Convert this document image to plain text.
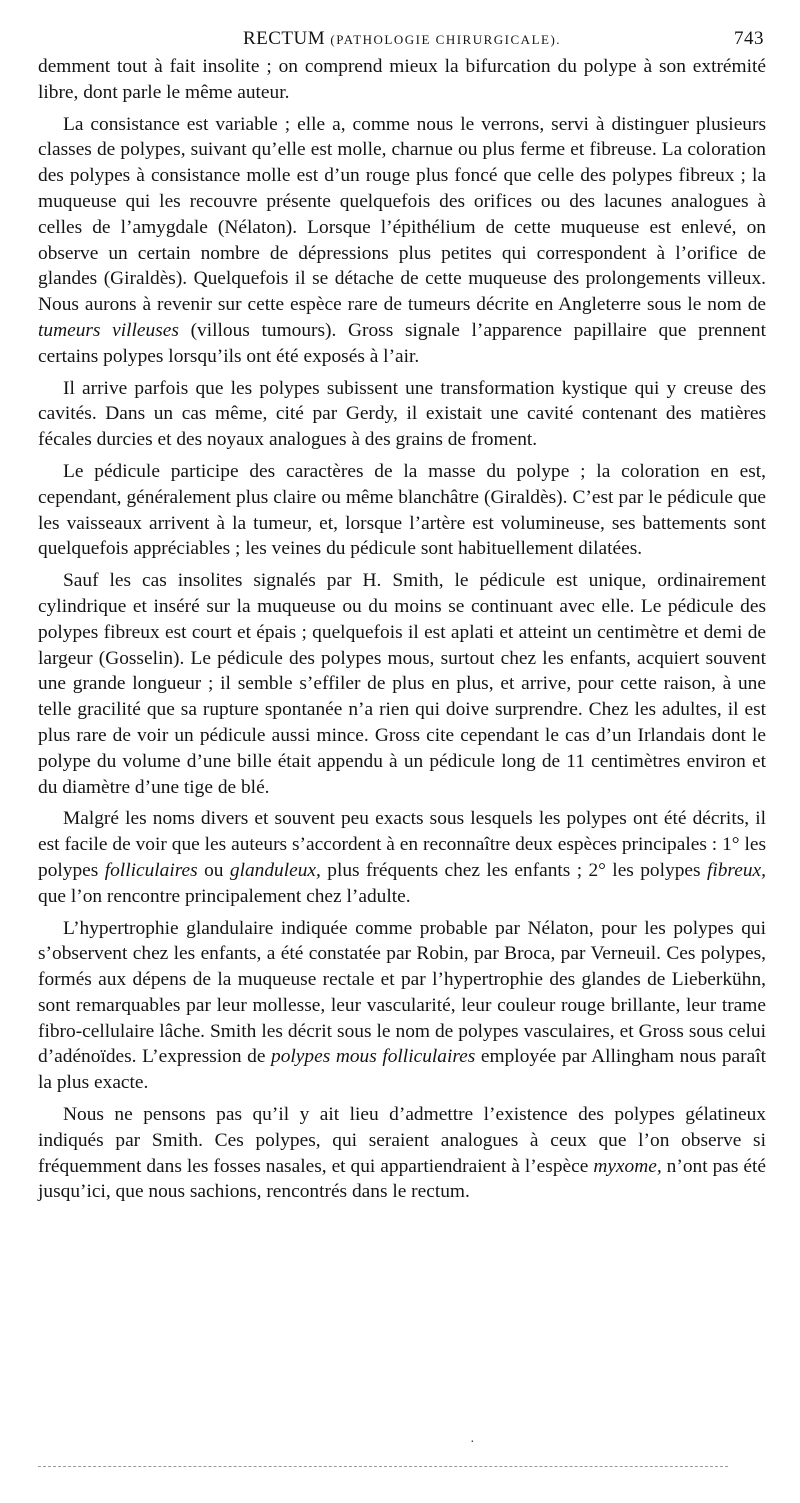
RECTUM (PATHOLOGIE CHIRURGICALE).	743

demment tout à fait insolite ; on comprend mieux la bifurcation du polype à son extrémité libre, dont parle le même auteur.

La consistance est variable ; elle a, comme nous le verrons, servi à distinguer plusieurs classes de polypes, suivant qu’elle est molle, charnue ou plus ferme et fibreuse. La coloration des polypes à consistance molle est d’un rouge plus foncé que celle des polypes fibreux ; la muqueuse qui les recouvre présente quelquefois des orifices ou des lacunes analogues à celles de l’amygdale (Nélaton). Lorsque l’épithélium de cette muqueuse est enlevé, on observe un certain nombre de dépressions plus petites qui correspondent à l’orifice de glandes (Giraldès). Quelquefois il se détache de cette muqueuse des prolongements villeux. Nous aurons à revenir sur cette espèce rare de tumeurs décrite en Angleterre sous le nom de tumeurs villeuses (villous tumours). Gross signale l’apparence papillaire que prennent certains polypes lorsqu’ils ont été exposés à l’air.

Il arrive parfois que les polypes subissent une transformation kystique qui y creuse des cavités. Dans un cas même, cité par Gerdy, il existait une cavité contenant des matières fécales durcies et des noyaux analogues à des grains de froment.

Le pédicule participe des caractères de la masse du polype ; la coloration en est, cependant, généralement plus claire ou même blanchâtre (Giraldès). C’est par le pédicule que les vaisseaux arrivent à la tumeur, et, lorsque l’artère est volumineuse, ses battements sont quelquefois appréciables ; les veines du pédicule sont habituellement dilatées.

Sauf les cas insolites signalés par H. Smith, le pédicule est unique, ordinairement cylindrique et inséré sur la muqueuse ou du moins se continuant avec elle. Le pédicule des polypes fibreux est court et épais ; quelquefois il est aplati et atteint un centimètre et demi de largeur (Gosselin). Le pédicule des polypes mous, surtout chez les enfants, acquiert souvent une grande longueur ; il semble s’effiler de plus en plus, et arrive, pour cette raison, à une telle gracilité que sa rupture spontanée n’a rien qui doive surprendre. Chez les adultes, il est plus rare de voir un pédicule aussi mince. Gross cite cependant le cas d’un Irlandais dont le polype du volume d’une bille était appendu à un pédicule long de 11 centimètres environ et du diamètre d’une tige de blé.

Malgré les noms divers et souvent peu exacts sous lesquels les polypes ont été décrits, il est facile de voir que les auteurs s’accordent à en reconnaître deux espèces principales : 1° les polypes folliculaires ou glanduleux, plus fréquents chez les enfants ; 2° les polypes fibreux, que l’on rencontre principalement chez l’adulte.

L’hypertrophie glandulaire indiquée comme probable par Nélaton, pour les polypes qui s’observent chez les enfants, a été constatée par Robin, par Broca, par Verneuil. Ces polypes, formés aux dépens de la muqueuse rectale et par l’hypertrophie des glandes de Lieberkühn, sont remarquables par leur mollesse, leur vascularité, leur couleur rouge brillante, leur trame fibro-cellulaire lâche. Smith les décrit sous le nom de polypes vasculaires, et Gross sous celui d’adénoïdes. L’expression de polypes mous folliculaires employée par Allingham nous paraît la plus exacte.

Nous ne pensons pas qu’il y ait lieu d’admettre l’existence des polypes gélatineux indiqués par Smith. Ces polypes, qui seraient analogues à ceux que l’on observe si fréquemment dans les fosses nasales, et qui appartiendraient à l’espèce myxome, n’ont pas été jusqu’ici, que nous sachions, rencontrés dans le rectum.

·
